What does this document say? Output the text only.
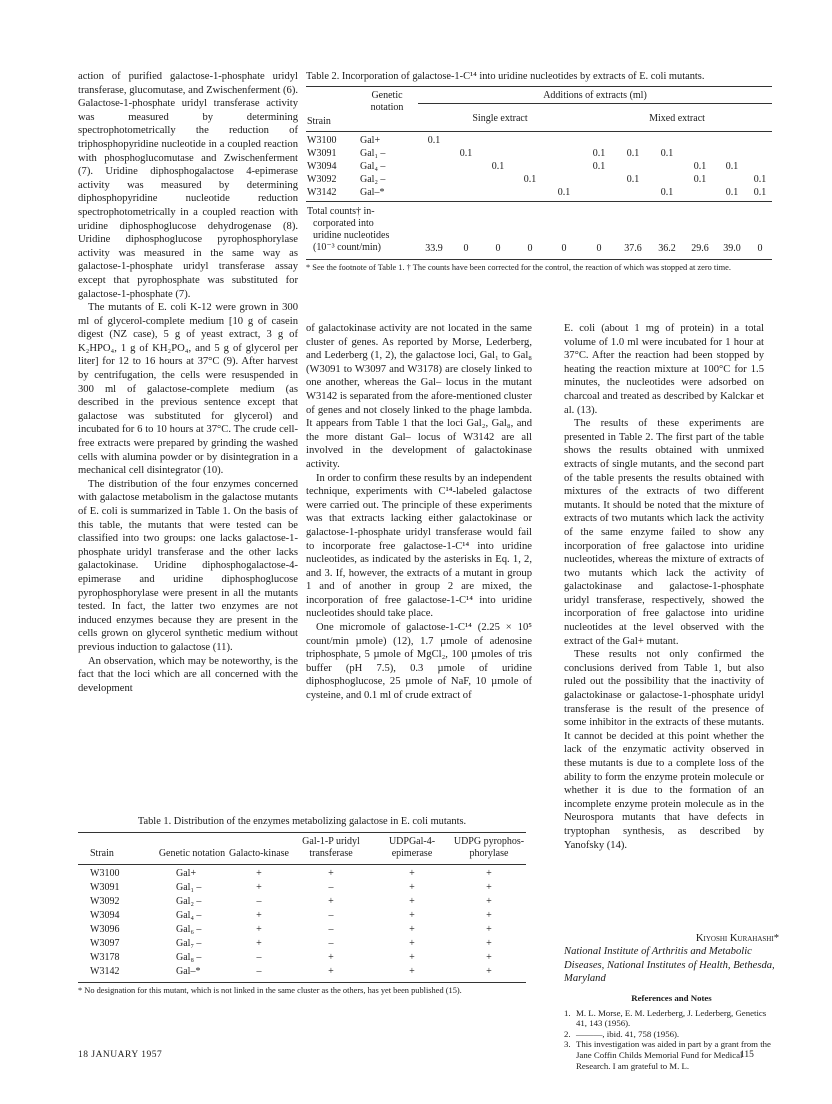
Table 2. Incorporation of galactose-1-C¹⁴ into uridine nucleotides by extracts of E. coli mutants.
	Genetic notation	Additions of extracts (ml)										
Strain		Single extract					Mixed extract					

W3100	Gal+	0.1										
W3091	Gal₁ –		0.1				0.1	0.1	0.1			
W3094	Gal₄ –			0.1			0.1			0.1	0.1	
W3092	Gal₂ –				0.1			0.1		0.1		0.1
W3142	Gal–*					0.1			0.1		0.1	0.1

Total counts† in-
corporated into
uridine nucleotides
(10⁻³ count/min)		33.9	0	0	0	0	0	37.6	36.2	29.6	39.0	0
* See the footnote of Table 1. † The counts have been corrected for the control, the reaction of which was stopped at zero time.

action of purified galactose-1-phosphate uridyl transferase, glucomutase, and Zwischenferment (6). Galactose-1-phosphate uridyl transferase activity was measured by determining spectrophotometrically the reduction of triphosphopyridine nucleotide in a coupled reaction with phosphoglucomutase and Zwischenferment (7). Uridine diphosphogalactose 4-epimerase activity was measured by determining diphosphopyridine nucleotide reduction spectrophotometrically in a coupled reaction with uridine diphosphoglucose dehydrogenase (8). Uridine diphosphoglucose pyrophosphorylase activity was measured in the same way as galactose-1-phosphate uridyl transferase assay except that pyrophosphate was substituted for galactose-1-phosphate (7).

The mutants of E. coli K-12 were grown in 300 ml of glycerol-complete medium [10 g of casein digest (NZ case), 5 g of yeast extract, 3 g of K₂HPO₄, 1 g of KH₂PO₄, and 5 g of glycerol per liter] for 12 to 16 hours at 37°C (9). After harvest by centrifugation, the cells were resuspended in 300 ml of galactose-complete medium (as described in the previous sentence except that galactose was substituted for glycerol) and incubated for 6 to 10 hours at 37°C. The crude cell-free extracts were prepared by grinding the washed cells with alumina powder or by disintegration in a mechanical cell disintegrator (10).

The distribution of the four enzymes concerned with galactose metabolism in the galactose mutants of E. coli is summarized in Table 1. On the basis of this table, the mutants that were tested can be classified into two groups: one lacks galactose-1-phosphate uridyl transferase and the other lacks galactokinase. Uridine diphosphogalactose-4-epimerase and uridine diphosphoglucose pyrophosphorylase were present in all the mutants tested. In fact, the latter two enzymes are not induced enzymes because they are present in the cells grown on glycerol synthetic medium without previous induction to galactose (11).

An observation, which may be noteworthy, is the fact that the loci which are all concerned with the development

of galactokinase activity are not located in the same cluster of genes. As reported by Morse, Lederberg, and Lederberg (1, 2), the galactose loci, Gal₁ to Gal₈ (W3091 to W3097 and W3178) are closely linked to one another, whereas the Gal– locus in the mutant W3142 is separated from the afore-mentioned cluster of genes and not closely linked to the phage lambda. It appears from Table 1 that the loci Gal₂, Gal₈, and the more distant Gal– locus of W3142 are all involved in the development of galactokinase activity.

In order to confirm these results by an independent technique, experiments with C¹⁴-labeled galactose were carried out. The principle of these experiments was that extracts lacking either galactokinase or galactose-1-phosphate uridyl transferase would fail to incorporate free galactose-1-C¹⁴ into uridine nucleotides, as indicated by the asterisks in Eq. 1, 2, and 3. If, however, the extracts of a mutant in group 1 and of another in group 2 are mixed, the incorporation of free galactose-1-C¹⁴ into uridine nucleotides should take place.

One micromole of galactose-1-C¹⁴ (2.25 × 10⁵ count/min µmole) (12), 1.7 µmole of adenosine triphosphate, 5 µmole of MgCl₂, 100 µmoles of tris buffer (pH 7.5), 0.3 µmole of uridine diphosphoglucose, 25 µmole of NaF, 10 µmole of cysteine, and 0.1 ml of crude extract of

E. coli (about 1 mg of protein) in a total volume of 1.0 ml were incubated for 1 hour at 37°C. After the reaction had been stopped by heating the reaction mixture at 100°C for 1.5 minutes, the nucleotides were adsorbed on charcoal and treated as described by Kalckar et al. (13).

The results of these experiments are presented in Table 2. The first part of the table shows the results obtained with unmixed extracts of single mutants, and the second part of the table presents the results obtained with mixtures of the extracts of two different mutants. It should be noted that the mixture of extracts of two mutants which lack the activity of the same enzyme failed to show any incorporation of free galactose into uridine nucleotides, whereas the mixture of extracts of two mutants which lack the activity of galactokinase and galactose-1-phosphate uridyl transferase, respectively, showed the incorporation of free galactose into uridine nucleotides at the level observed with the extract of the Gal+ mutant.

These results not only confirmed the conclusions derived from Table 1, but also ruled out the possibility that the inactivity of galactokinase or galactose-1-phosphate uridyl transferase is the result of the presence of some inhibitor in the extracts of these mutants. It cannot be decided at this point whether the lack of the enzymatic activity observed in these mutants is due to a complete loss of the ability to form the enzyme protein molecule or whether it is due to the formation of an incomplete enzyme protein molecule as in the Neurospora mutants that have defects in tryptophan synthesis, as described by Yanofsky (14).

Table 1. Distribution of the enzymes metabolizing galactose in E. coli mutants.
Strain	Genetic notation	Galacto-kinase	Gal-1-P uridyl transferase	UDPGal-4-epimerase	UDPG pyrophos-phorylase

W3100	Gal+	+	+	+	+
W3091	Gal₁ –	+	–	+	+
W3092	Gal₂ –	–	+	+	+
W3094	Gal₄ –	+	–	+	+
W3096	Gal₆ –	+	–	+	+
W3097	Gal₇ –	+	–	+	+
W3178	Gal₈ –	–	+	+	+
W3142	Gal–*	–	+	+	+
* No designation for this mutant, which is not linked in the same cluster as the others, has yet been published (15).
Kiyoshi Kurahashi*
National Institute of Arthritis and Metabolic Diseases, National Institutes of Health, Bethesda, Maryland
References and Notes
1. M. L. Morse, E. M. Lederberg, J. Lederberg, Genetics 41, 143 (1956).
2. ———, ibid. 41, 758 (1956).
3. This investigation was aided in part by a grant from the Jane Coffin Childs Memorial Fund for Medical Research. I am grateful to M. L.
18 JANUARY 1957	115
